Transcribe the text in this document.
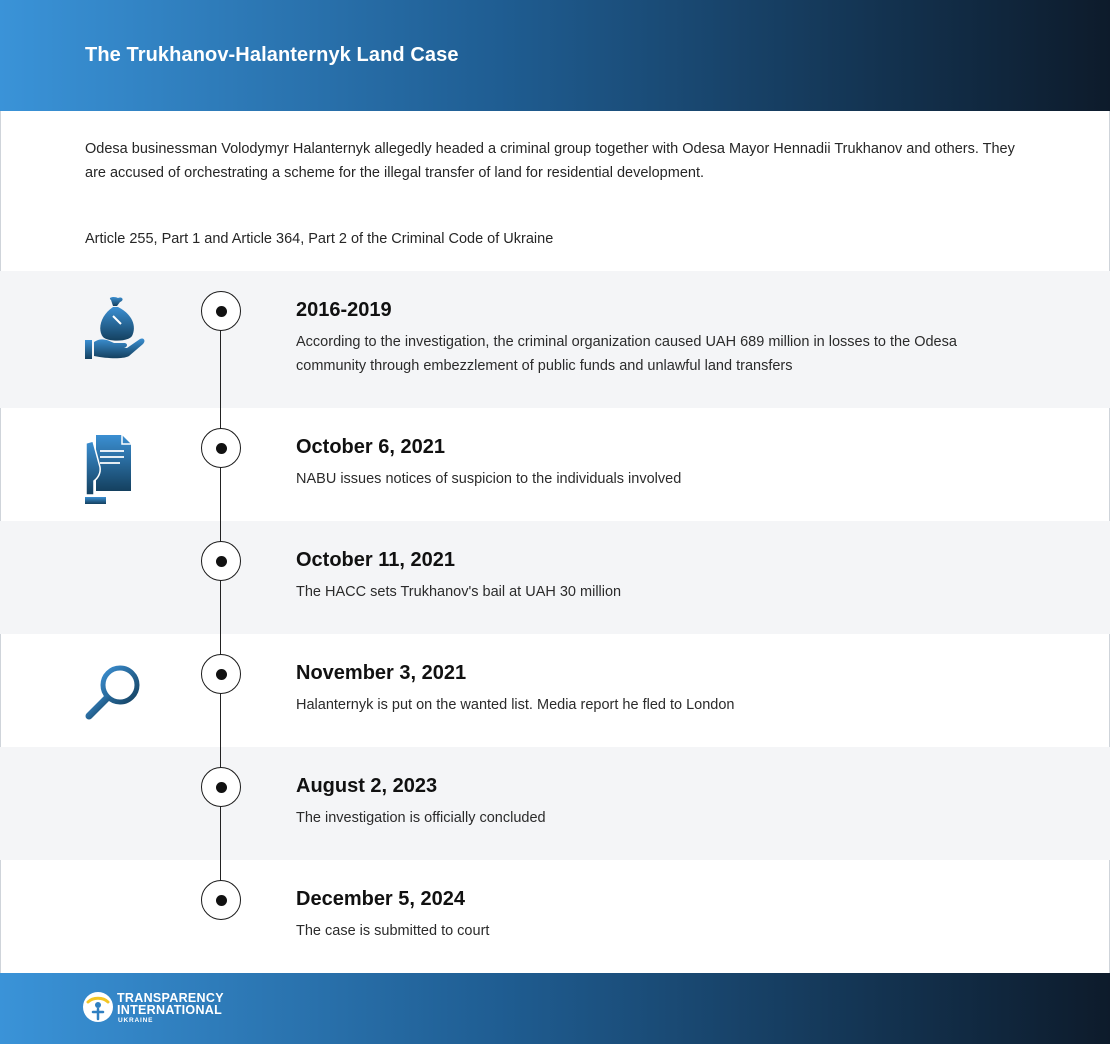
The Trukhanov-Halanternyk Land Case

Odesa businessman Volodymyr Halanternyk allegedly headed a criminal group together with Odesa Mayor Hennadii Trukhanov and others. They are accused of orchestrating a scheme for the illegal transfer of land for residential development.

Article 255, Part 1 and Article 364, Part 2 of the Criminal Code of Ukraine

2016-2019
According to the investigation, the criminal organization caused UAH 689 million in losses to the Odesa community through embezzlement of public funds and unlawful land transfers
October 6, 2021
NABU issues notices of suspicion to the individuals involved
October 11, 2021
The HACC sets Trukhanov's bail at UAH 30 million
November 3, 2021
Halanternyk is put on the wanted list. Media report he fled to London
August 2, 2023
The investigation is officially concluded
December 5, 2024
The case is submitted to court
TRANSPARENCY
INTERNATIONAL
UKRAINE
